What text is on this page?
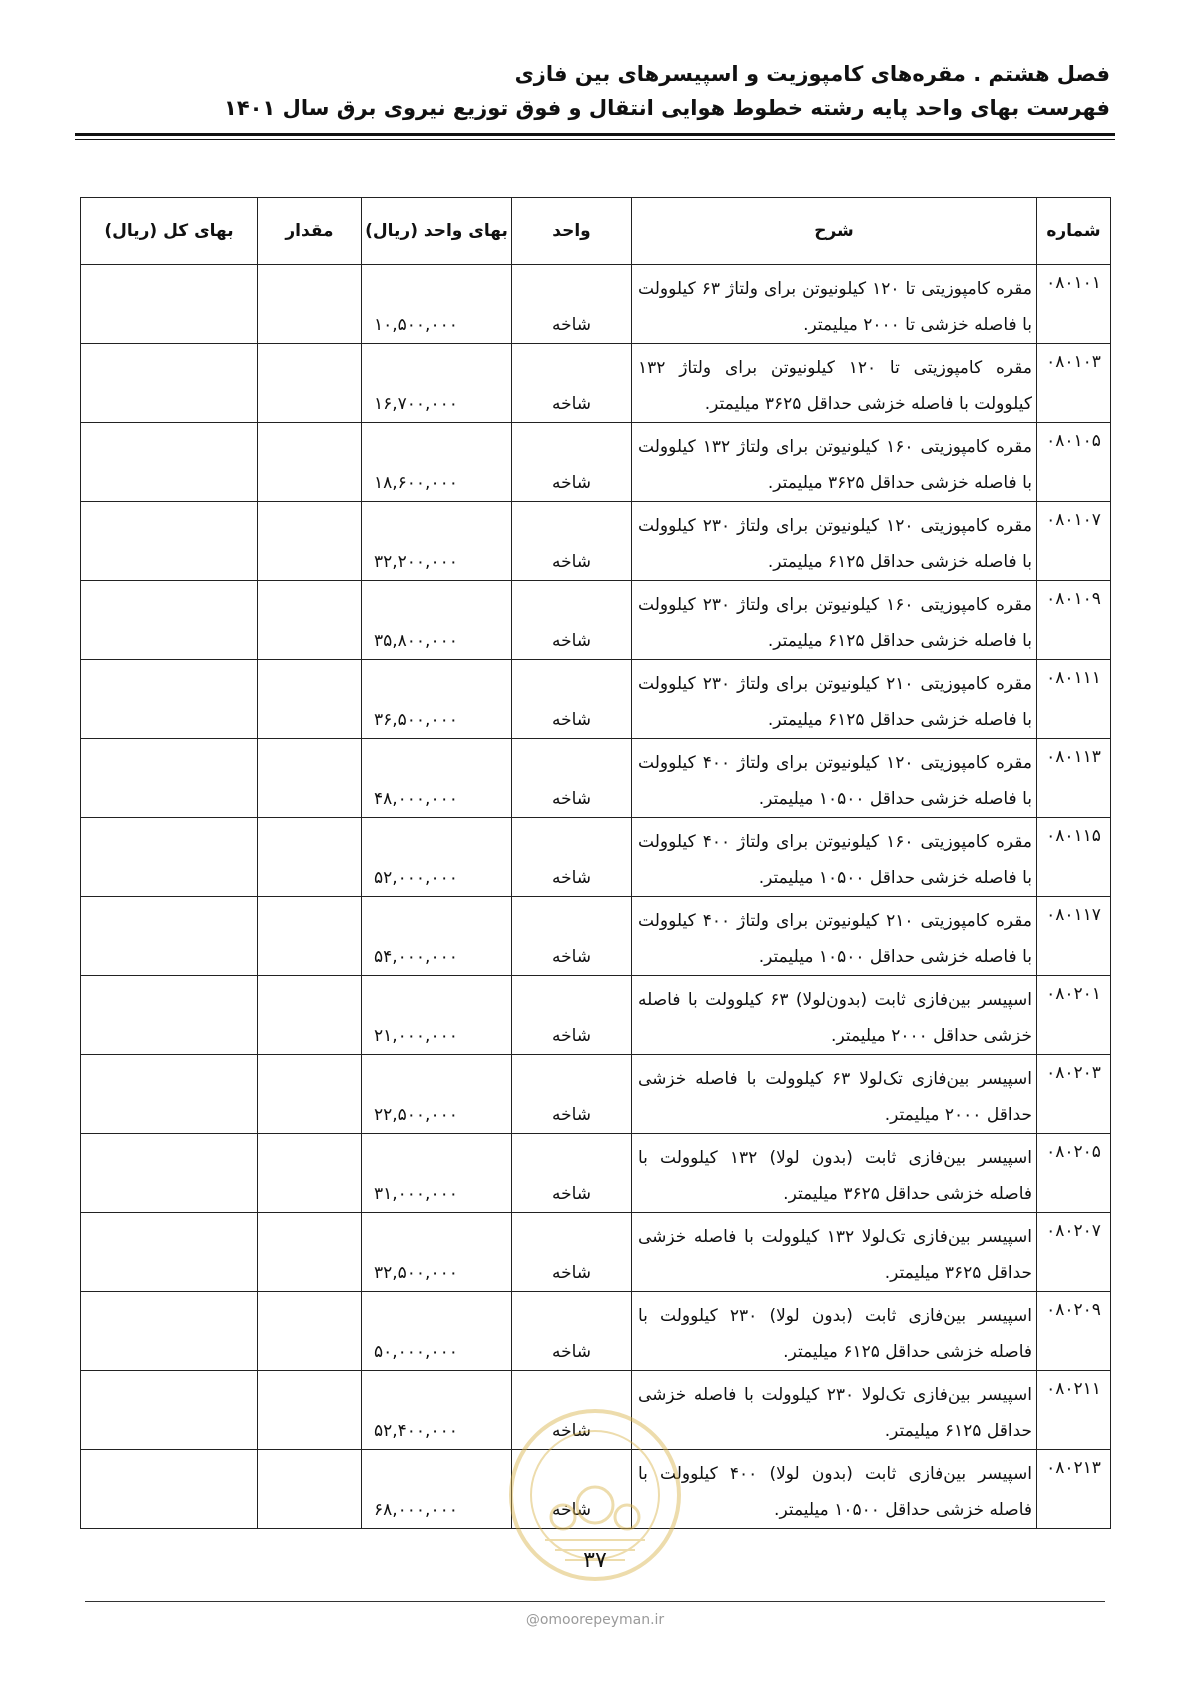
فصل هشتم . مقره‌های کامپوزیت و اسپیسرهای بین فازی
فهرست بهای واحد پایه رشته خطوط هوایی انتقال و فوق توزیع نیروی برق سال ۱۴۰۱
شماره	شرح	واحد	بهای واحد (ریال)	مقدار	بهای کل (ریال)
۰۸۰۱۰۱	مقره کامپوزیتی تا ۱۲۰ کیلونیوتن برای ولتاژ ۶۳ کیلوولت با فاصله خزشی تا ۲۰۰۰ میلیمتر.	شاخه	۱۰,۵۰۰,۰۰۰		
۰۸۰۱۰۳	مقره کامپوزیتی تا ۱۲۰ کیلونیوتن برای ولتاژ ۱۳۲ کیلوولت با فاصله خزشی حداقل ۳۶۲۵ میلیمتر.	شاخه	۱۶,۷۰۰,۰۰۰		
۰۸۰۱۰۵	مقره کامپوزیتی ۱۶۰ کیلونیوتن برای ولتاژ ۱۳۲ کیلوولت با فاصله خزشی حداقل ۳۶۲۵ میلیمتر.	شاخه	۱۸,۶۰۰,۰۰۰		
۰۸۰۱۰۷	مقره کامپوزیتی ۱۲۰ کیلونیوتن برای ولتاژ ۲۳۰ کیلوولت با فاصله خزشی حداقل ۶۱۲۵ میلیمتر.	شاخه	۳۲,۲۰۰,۰۰۰		
۰۸۰۱۰۹	مقره کامپوزیتی ۱۶۰ کیلونیوتن برای ولتاژ ۲۳۰ کیلوولت با فاصله خزشی حداقل ۶۱۲۵ میلیمتر.	شاخه	۳۵,۸۰۰,۰۰۰		
۰۸۰۱۱۱	مقره کامپوزیتی ۲۱۰ کیلونیوتن برای ولتاژ ۲۳۰ کیلوولت با فاصله خزشی حداقل ۶۱۲۵ میلیمتر.	شاخه	۳۶,۵۰۰,۰۰۰		
۰۸۰۱۱۳	مقره کامپوزیتی ۱۲۰ کیلونیوتن برای ولتاژ ۴۰۰ کیلوولت با فاصله خزشی حداقل ۱۰۵۰۰ میلیمتر.	شاخه	۴۸,۰۰۰,۰۰۰		
۰۸۰۱۱۵	مقره کامپوزیتی ۱۶۰ کیلونیوتن برای ولتاژ ۴۰۰ کیلوولت با فاصله خزشی حداقل ۱۰۵۰۰ میلیمتر.	شاخه	۵۲,۰۰۰,۰۰۰		
۰۸۰۱۱۷	مقره کامپوزیتی ۲۱۰ کیلونیوتن برای ولتاژ ۴۰۰ کیلوولت با فاصله خزشی حداقل ۱۰۵۰۰ میلیمتر.	شاخه	۵۴,۰۰۰,۰۰۰		
۰۸۰۲۰۱	اسپیسر بین‌فازی ثابت (بدون‌لولا) ۶۳ کیلوولت با فاصله خزشی حداقل ۲۰۰۰ میلیمتر.	شاخه	۲۱,۰۰۰,۰۰۰		
۰۸۰۲۰۳	اسپیسر بین‌فازی تک‌لولا ۶۳ کیلوولت با فاصله خزشی حداقل ۲۰۰۰ میلیمتر.	شاخه	۲۲,۵۰۰,۰۰۰		
۰۸۰۲۰۵	اسپیسر بین‌فازی ثابت (بدون لولا) ۱۳۲ کیلوولت با فاصله خزشی حداقل ۳۶۲۵ میلیمتر.	شاخه	۳۱,۰۰۰,۰۰۰		
۰۸۰۲۰۷	اسپیسر بین‌فازی تک‌لولا ۱۳۲ کیلوولت با فاصله خزشی حداقل ۳۶۲۵ میلیمتر.	شاخه	۳۲,۵۰۰,۰۰۰		
۰۸۰۲۰۹	اسپیسر بین‌فازی ثابت (بدون لولا) ۲۳۰ کیلوولت با فاصله خزشی حداقل ۶۱۲۵ میلیمتر.	شاخه	۵۰,۰۰۰,۰۰۰		
۰۸۰۲۱۱	اسپیسر بین‌فازی تک‌لولا ۲۳۰ کیلوولت با فاصله خزشی حداقل ۶۱۲۵ میلیمتر.	شاخه	۵۲,۴۰۰,۰۰۰		
۰۸۰۲۱۳	اسپیسر بین‌فازی ثابت (بدون لولا) ۴۰۰ کیلوولت با فاصله خزشی حداقل ۱۰۵۰۰ میلیمتر.	شاخه	۶۸,۰۰۰,۰۰۰		
۳۷
@omoorepeyman.ir
